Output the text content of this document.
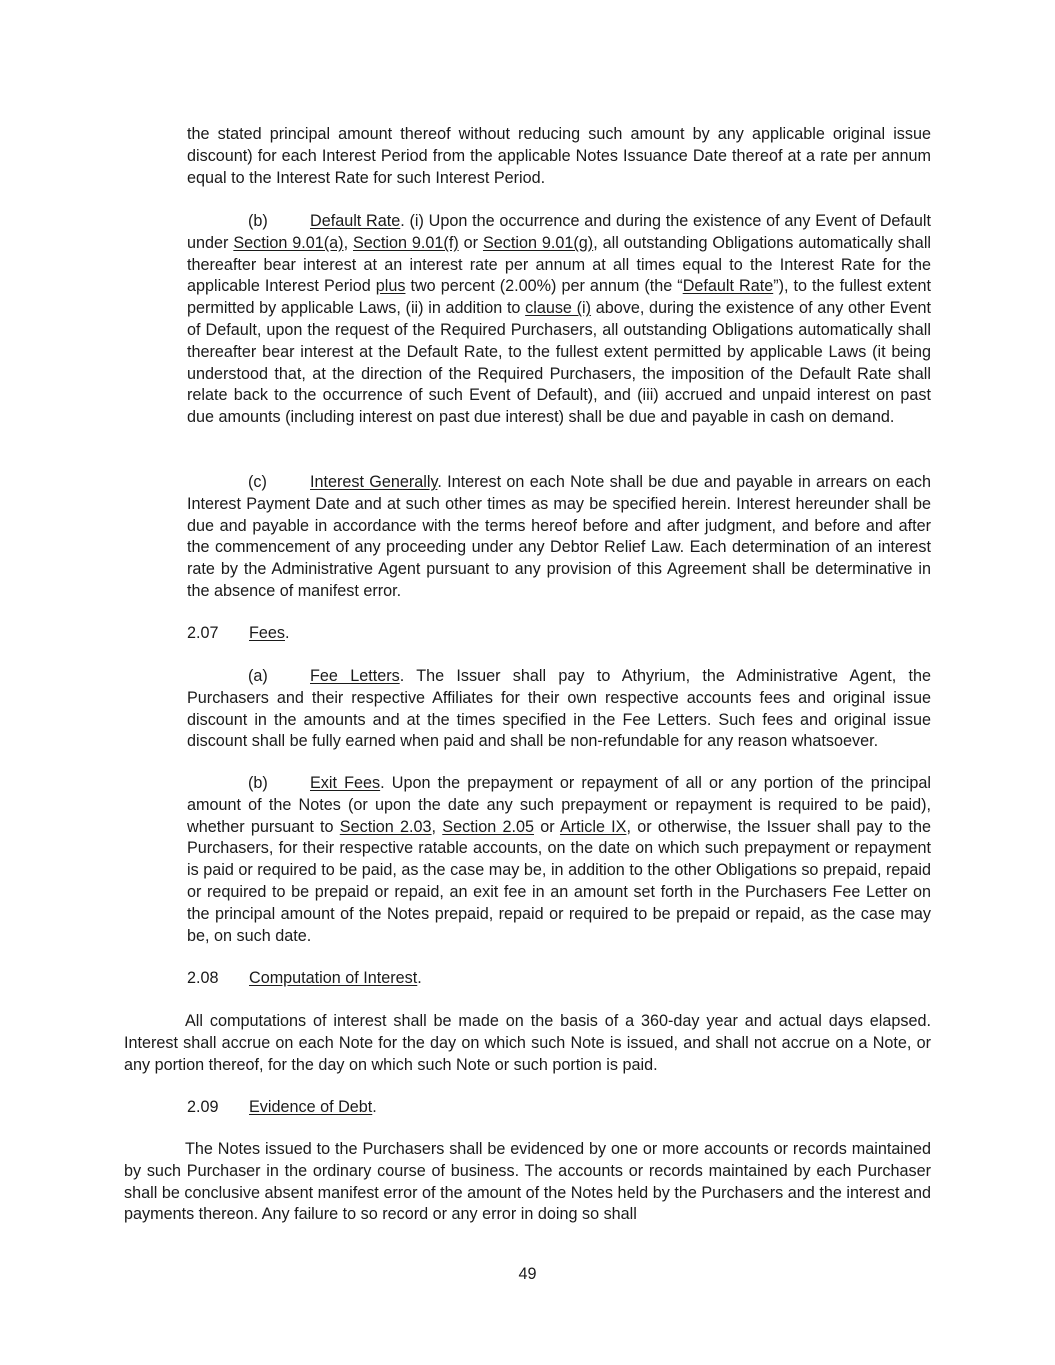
the stated principal amount thereof without reducing such amount by any applicable original issue discount) for each Interest Period from the applicable Notes Issuance Date thereof at a rate per annum equal to the Interest Rate for such Interest Period.

(b)	Default Rate. (i) Upon the occurrence and during the existence of any Event of Default under Section 9.01(a), Section 9.01(f) or Section 9.01(g), all outstanding Obligations automatically shall thereafter bear interest at an interest rate per annum at all times equal to the Interest Rate for the applicable Interest Period plus two percent (2.00%) per annum (the “Default Rate”), to the fullest extent permitted by applicable Laws, (ii) in addition to clause (i) above, during the existence of any other Event of Default, upon the request of the Required Purchasers, all outstanding Obligations automatically shall thereafter bear interest at the Default Rate, to the fullest extent permitted by applicable Laws (it being understood that, at the direction of the Required Purchasers, the imposition of the Default Rate shall relate back to the occurrence of such Event of Default), and (iii) accrued and unpaid interest on past due amounts (including interest on past due interest) shall be due and payable in cash on demand.

(c)	Interest Generally. Interest on each Note shall be due and payable in arrears on each Interest Payment Date and at such other times as may be specified herein. Interest hereunder shall be due and payable in accordance with the terms hereof before and after judgment, and before and after the commencement of any proceeding under any Debtor Relief Law. Each determination of an interest rate by the Administrative Agent pursuant to any provision of this Agreement shall be determinative in the absence of manifest error.

2.07 Fees.

(a)	Fee Letters. The Issuer shall pay to Athyrium, the Administrative Agent, the Purchasers and their respective Affiliates for their own respective accounts fees and original issue discount in the amounts and at the times specified in the Fee Letters. Such fees and original issue discount shall be fully earned when paid and shall be non-refundable for any reason whatsoever.

(b)	Exit Fees. Upon the prepayment or repayment of all or any portion of the principal amount of the Notes (or upon the date any such prepayment or repayment is required to be paid), whether pursuant to Section 2.03, Section 2.05 or Article IX, or otherwise, the Issuer shall pay to the Purchasers, for their respective ratable accounts, on the date on which such prepayment or repayment is paid or required to be paid, as the case may be, in addition to the other Obligations so prepaid, repaid or required to be prepaid or repaid, an exit fee in an amount set forth in the Purchasers Fee Letter on the principal amount of the Notes prepaid, repaid or required to be prepaid or repaid, as the case may be, on such date.

2.08 Computation of Interest.

All computations of interest shall be made on the basis of a 360-day year and actual days elapsed. Interest shall accrue on each Note for the day on which such Note is issued, and shall not accrue on a Note, or any portion thereof, for the day on which such Note or such portion is paid.

2.09 Evidence of Debt.

The Notes issued to the Purchasers shall be evidenced by one or more accounts or records maintained by such Purchaser in the ordinary course of business. The accounts or records maintained by each Purchaser shall be conclusive absent manifest error of the amount of the Notes held by the Purchasers and the interest and payments thereon. Any failure to so record or any error in doing so shall

49
